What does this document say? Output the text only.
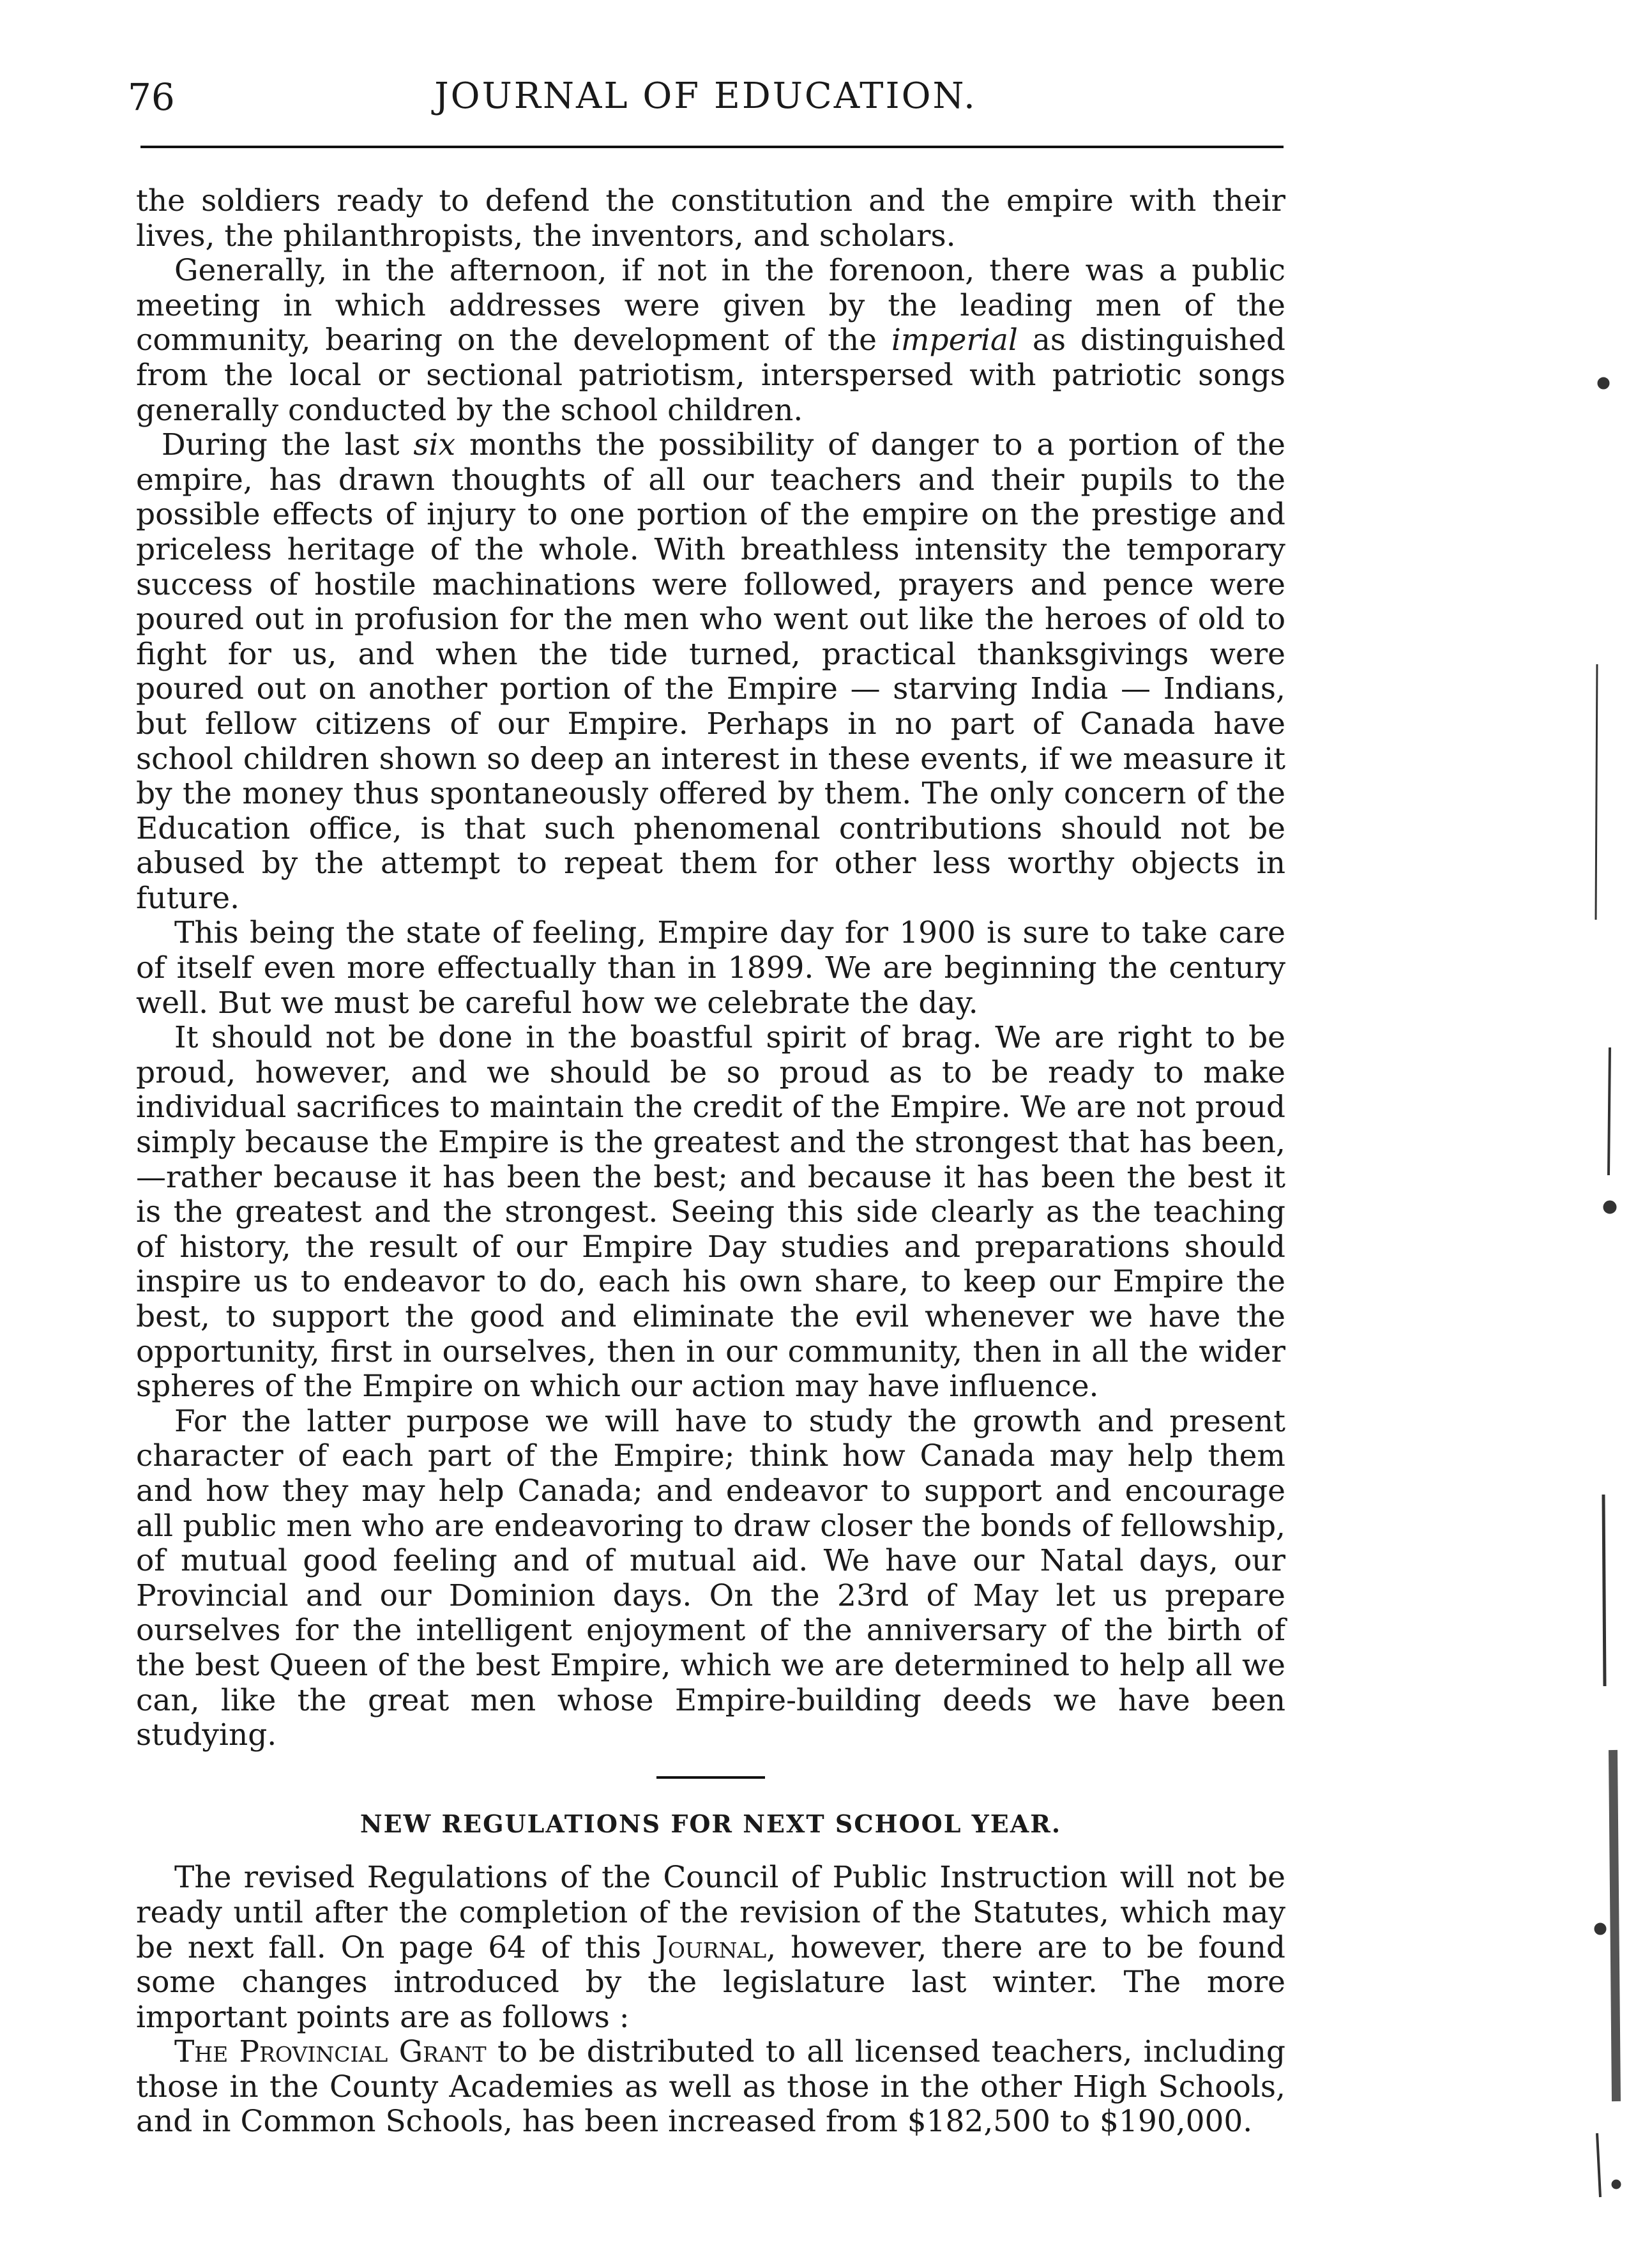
76	JOURNAL OF EDUCATION.

the soldiers ready to defend the constitution and the empire with their lives, the philanthropists, the inventors, and scholars.

Generally, in the afternoon, if not in the forenoon, there was a public meeting in which addresses were given by the leading men of the community, bearing on the development of the imperial as distinguished from the local or sectional patriotism, interspersed with patriotic songs generally conducted by the school children.

During the last six months the possibility of danger to a portion of the empire, has drawn thoughts of all our teachers and their pupils to the possible effects of injury to one portion of the empire on the prestige and priceless heritage of the whole. With breathless intensity the temporary success of hostile machinations were followed, prayers and pence were poured out in profusion for the men who went out like the heroes of old to fight for us, and when the tide turned, practical thanksgivings were poured out on another portion of the Empire — starving India — Indians, but fellow citizens of our Empire. Perhaps in no part of Canada have school children shown so deep an interest in these events, if we measure it by the money thus spontaneously offered by them. The only concern of the Education office, is that such phenomenal contributions should not be abused by the attempt to repeat them for other less worthy objects in future.

This being the state of feeling, Empire day for 1900 is sure to take care of itself even more effectually than in 1899. We are beginning the century well. But we must be careful how we celebrate the day.

It should not be done in the boastful spirit of brag. We are right to be proud, however, and we should be so proud as to be ready to make individual sacrifices to maintain the credit of the Empire. We are not proud simply because the Empire is the greatest and the strongest that has been,—rather because it has been the best; and because it has been the best it is the greatest and the strongest. Seeing this side clearly as the teaching of history, the result of our Empire Day studies and preparations should inspire us to endeavor to do, each his own share, to keep our Empire the best, to support the good and eliminate the evil whenever we have the opportunity, first in ourselves, then in our community, then in all the wider spheres of the Empire on which our action may have influence.

For the latter purpose we will have to study the growth and present character of each part of the Empire; think how Canada may help them and how they may help Canada; and endeavor to support and encourage all public men who are endeavoring to draw closer the bonds of fellowship, of mutual good feeling and of mutual aid. We have our Natal days, our Provincial and our Dominion days. On the 23rd of May let us prepare ourselves for the intelligent enjoyment of the anniversary of the birth of the best Queen of the best Empire, which we are determined to help all we can, like the great men whose Empire-building deeds we have been studying.

NEW REGULATIONS FOR NEXT SCHOOL YEAR.

The revised Regulations of the Council of Public Instruction will not be ready until after the completion of the revision of the Statutes, which may be next fall. On page 64 of this Journal, however, there are to be found some changes introduced by the legislature last winter. The more important points are as follows :

The Provincial Grant to be distributed to all licensed teachers, including those in the County Academies as well as those in the other High Schools, and in Common Schools, has been increased from $182,500 to $190,000.
